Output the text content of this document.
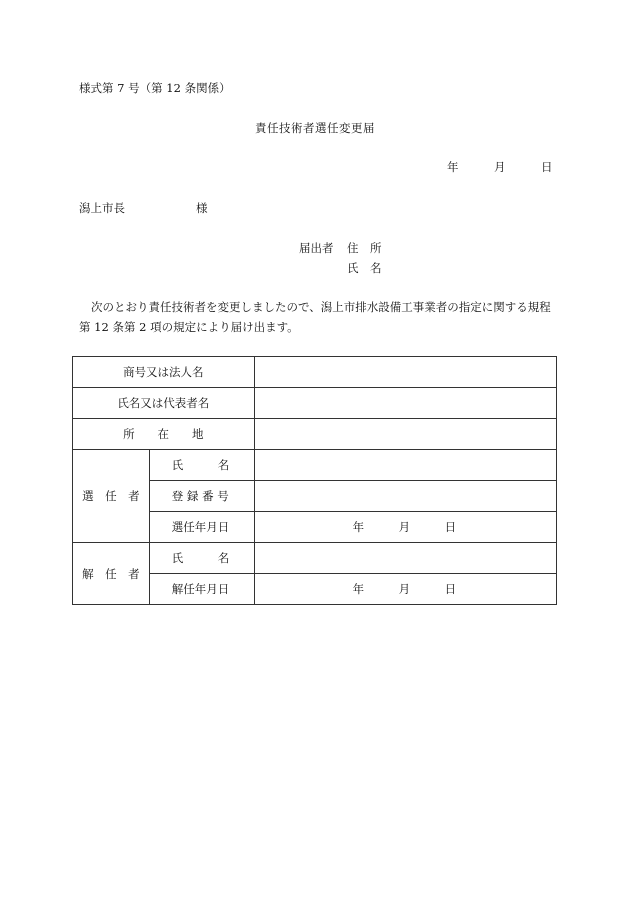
様式第 7 号（第 12 条関係）
責任技術者選任変更届
年	月	日
潟上市長	様
届出者 住　所
氏　名
次のとおり責任技術者を変更しましたので、潟上市排水設備工事業者の指定に関する規程第 12 条第 2 項の規定により届け出ます。
商号又は法人名		
氏名又は代表者名		
所　　在　　地		
選　任　者	氏　　　名	
	登 録 番 号	
	選任年月日	年　　　月　　　日
解　任　者	氏　　　名	
	解任年月日	年　　　月　　　日
